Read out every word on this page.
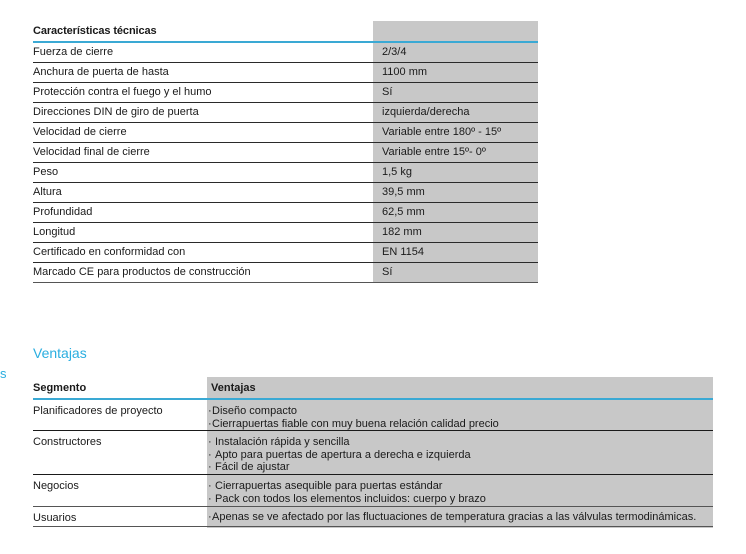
Características técnicas
Fuerza de cierre	2/3/4
Anchura de puerta de hasta	1100 mm
Protección contra el fuego y el humo	Sí
Direcciones DIN de giro de puerta	izquierda/derecha
Velocidad de cierre	Variable entre 180º - 15º
Velocidad final de cierre	Variable entre 15º- 0º
Peso	1,5 kg
Altura	39,5 mm
Profundidad	62,5 mm
Longitud	182 mm
Certificado en conformidad con	EN 1154
Marcado CE para productos de construcción	Sí
Ventajas
s
Segmento	Ventajas
Planificadores de proyecto	·Diseño compacto
·Cierrapuertas fiable con muy buena relación calidad precio
Constructores	· Instalación rápida y sencilla
· Apto para puertas de apertura a derecha e izquierda
· Fácil de ajustar
Negocios	· Cierrapuertas asequible para puertas estándar
· Pack con todos los elementos incluidos: cuerpo y brazo
Usuarios	·Apenas se ve afectado por las fluctuaciones de temperatura gracias a las válvulas termodinámicas.
